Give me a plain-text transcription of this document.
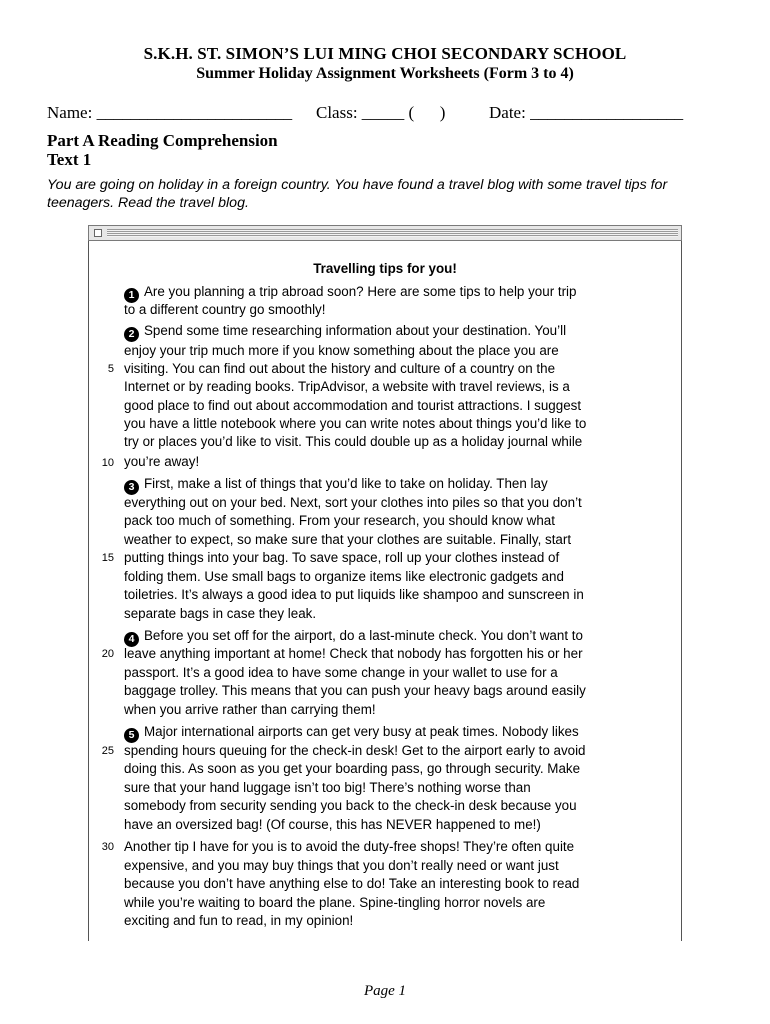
S.K.H. ST. SIMON’S LUI MING CHOI SECONDARY SCHOOL
Summer Holiday Assignment Worksheets (Form 3 to 4)
Name: _______________________ Class: _____ (      )	Date: __________________
Part A Reading Comprehension
Text 1
You are going on holiday in a foreign country. You have found a travel blog with some travel tips for teenagers. Read the travel blog.
Travelling tips for you!
1 Are you planning a trip abroad soon? Here are some tips to help your trip
to a different country go smoothly!
2 Spend some time researching information about your destination. You’ll
enjoy your trip much more if you know something about the place you are
visiting. You can find out about the history and culture of a country on the
5
Internet or by reading books. TripAdvisor, a website with travel reviews, is a
good place to find out about accommodation and tourist attractions. I suggest
you have a little notebook where you can write notes about things you’d like to
try or places you’d like to visit. This could double up as a holiday journal while
you’re away!
10
3 First, make a list of things that you’d like to take on holiday. Then lay
everything out on your bed. Next, sort your clothes into piles so that you don’t
pack too much of something. From your research, you should know what
weather to expect, so make sure that your clothes are suitable. Finally, start
putting things into your bag. To save space, roll up your clothes instead of
15
folding them. Use small bags to organize items like electronic gadgets and
toiletries. It’s always a good idea to put liquids like shampoo and sunscreen in
separate bags in case they leak.
4 Before you set off for the airport, do a last-minute check. You don’t want to
leave anything important at home! Check that nobody has forgotten his or her
20
passport. It’s a good idea to have some change in your wallet to use for a
baggage trolley. This means that you can push your heavy bags around easily
when you arrive rather than carrying them!
5 Major international airports can get very busy at peak times. Nobody likes
spending hours queuing for the check-in desk! Get to the airport early to avoid
25
doing this. As soon as you get your boarding pass, go through security. Make
sure that your hand luggage isn’t too big! There’s nothing worse than
somebody from security sending you back to the check-in desk because you
have an oversized bag! (Of course, this has NEVER happened to me!)
Another tip I have for you is to avoid the duty-free shops! They’re often quite
30
expensive, and you may buy things that you don’t really need or want just
because you don’t have anything else to do! Take an interesting book to read
while you’re waiting to board the plane. Spine-tingling horror novels are
exciting and fun to read, in my opinion!
Page 1
